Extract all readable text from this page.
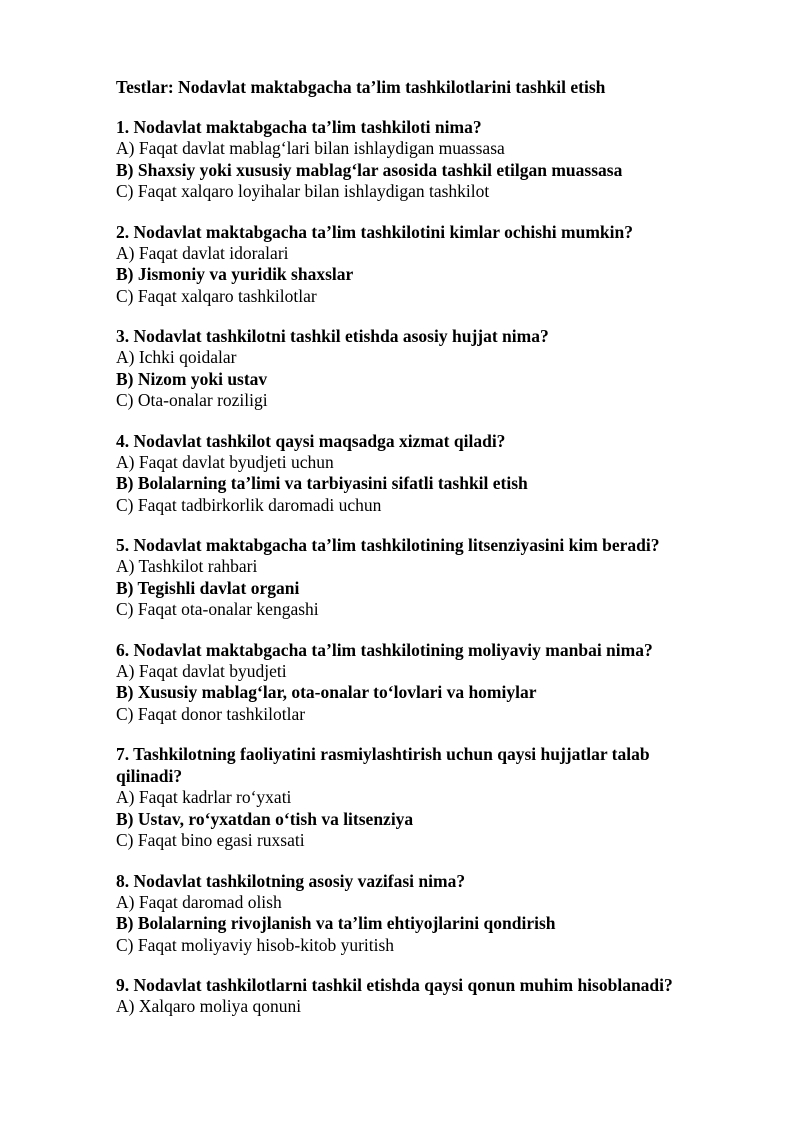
Testlar: Nodavlat maktabgacha ta’lim tashkilotlarini tashkil etish
1. Nodavlat maktabgacha ta’lim tashkiloti nima?
A) Faqat davlat mablag‘lari bilan ishlaydigan muassasa
B) Shaxsiy yoki xususiy mablag‘lar asosida tashkil etilgan muassasa
C) Faqat xalqaro loyihalar bilan ishlaydigan tashkilot
2. Nodavlat maktabgacha ta’lim tashkilotini kimlar ochishi mumkin?
A) Faqat davlat idoralari
B) Jismoniy va yuridik shaxslar
C) Faqat xalqaro tashkilotlar
3. Nodavlat tashkilotni tashkil etishda asosiy hujjat nima?
A) Ichki qoidalar
B) Nizom yoki ustav
C) Ota-onalar roziligi
4. Nodavlat tashkilot qaysi maqsadga xizmat qiladi?
A) Faqat davlat byudjeti uchun
B) Bolalarning ta’limi va tarbiyasini sifatli tashkil etish
C) Faqat tadbirkorlik daromadi uchun
5. Nodavlat maktabgacha ta’lim tashkilotining litsenziyasini kim beradi?
A) Tashkilot rahbari
B) Tegishli davlat organi
C) Faqat ota-onalar kengashi
6. Nodavlat maktabgacha ta’lim tashkilotining moliyaviy manbai nima?
A) Faqat davlat byudjeti
B) Xususiy mablag‘lar, ota-onalar to‘lovlari va homiylar
C) Faqat donor tashkilotlar
7. Tashkilotning faoliyatini rasmiylashtirish uchun qaysi hujjatlar talab qilinadi?
A) Faqat kadrlar ro‘yxati
B) Ustav, ro‘yxatdan o‘tish va litsenziya
C) Faqat bino egasi ruxsati
8. Nodavlat tashkilotning asosiy vazifasi nima?
A) Faqat daromad olish
B) Bolalarning rivojlanish va ta’lim ehtiyojlarini qondirish
C) Faqat moliyaviy hisob-kitob yuritish
9. Nodavlat tashkilotlarni tashkil etishda qaysi qonun muhim hisoblanadi?
A) Xalqaro moliya qonuni
